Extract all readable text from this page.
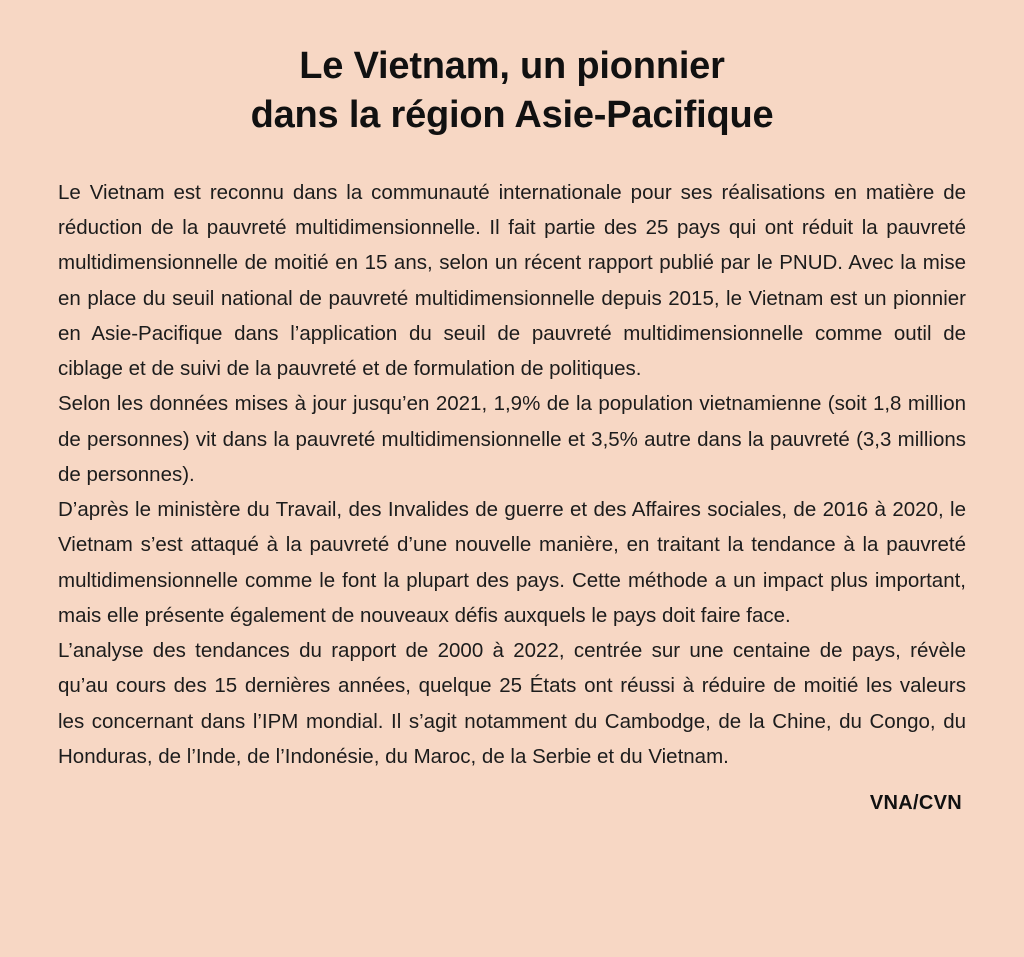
Le Vietnam, un pionnier
dans la région Asie-Pacifique

Le Vietnam est reconnu dans la communauté internationale pour ses réalisations en matière de réduction de la pauvreté multidimensionnelle. Il fait partie des 25 pays qui ont réduit la pauvreté multidimensionnelle de moitié en 15 ans, selon un récent rapport publié par le PNUD. Avec la mise en place du seuil national de pauvreté multidimensionnelle depuis 2015, le Vietnam est un pionnier en Asie-Pacifique dans l’application du seuil de pauvreté multidimensionnelle comme outil de ciblage et de suivi de la pauvreté et de formulation de politiques.

Selon les données mises à jour jusqu’en 2021, 1,9% de la population vietnamienne (soit 1,8 million de personnes) vit dans la pauvreté multidimensionnelle et 3,5% autre dans la pauvreté (3,3 millions de personnes).

D’après le ministère du Travail, des Invalides de guerre et des Affaires sociales, de 2016 à 2020, le Vietnam s’est attaqué à la pauvreté d’une nouvelle manière, en traitant la tendance à la pauvreté multidimensionnelle comme le font la plupart des pays. Cette méthode a un impact plus important, mais elle présente également de nouveaux défis auxquels le pays doit faire face.

L’analyse des tendances du rapport de 2000 à 2022, centrée sur une centaine de pays, révèle qu’au cours des 15 dernières années, quelque 25 États ont réussi à réduire de moitié les valeurs les concernant dans l’IPM mondial. Il s’agit notamment du Cambodge, de la Chine, du Congo, du Honduras, de l’Inde, de l’Indonésie, du Maroc, de la Serbie et du Vietnam.

VNA/CVN
